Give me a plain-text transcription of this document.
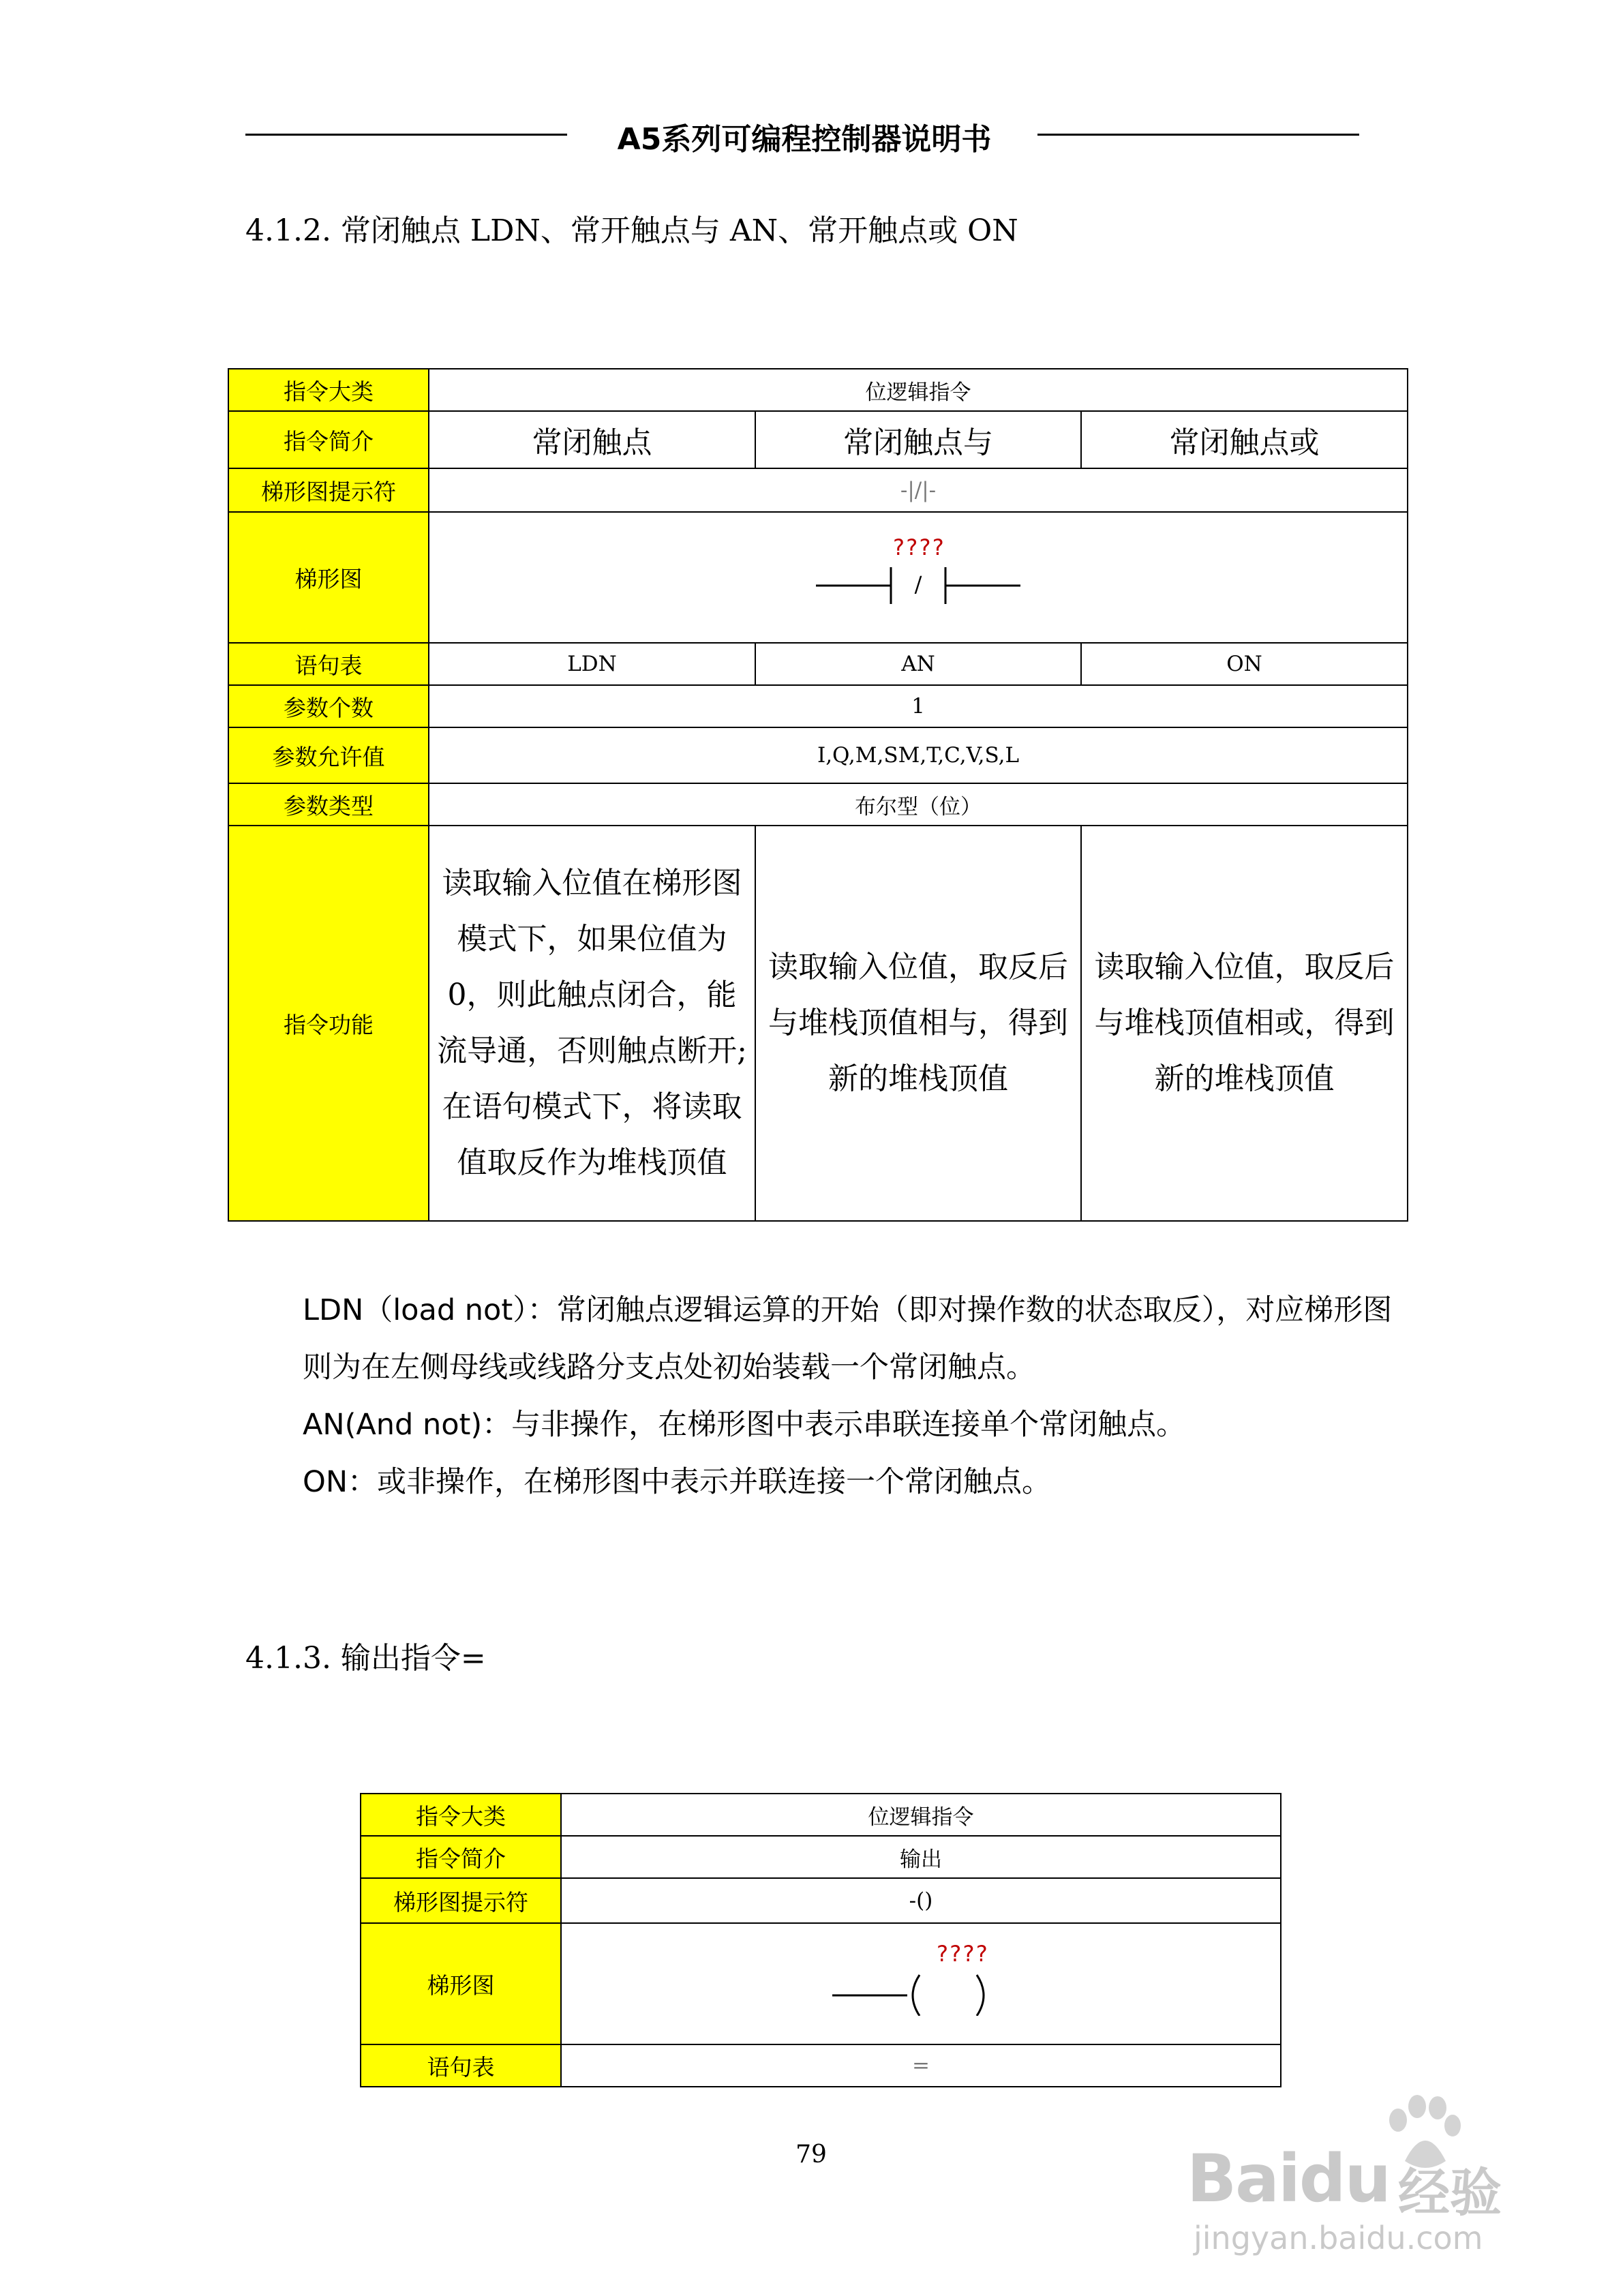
A5系列可编程控制器说明书
4.1.2. 常闭触点 LDN、常开触点与 AN、常开触点或 ON
指令大类	位逻辑指令		
指令简介	常闭触点	常闭触点与	常闭触点或
梯形图提示符	-|/|-		
梯形图	????
/		

语句表	LDN	AN	ON
参数个数	1		
参数允许值	I,Q,M,SM,T,C,V,S,L		
参数类型	布尔型（位）		
指令功能	读取输入位值在梯形图模式下，如果位值为0，则此触点闭合，能流导通，否则触点断开;在语句模式下，将读取值取反作为堆栈顶值	读取输入位值，取反后与堆栈顶值相与，得到新的堆栈顶值	读取输入位值，取反后与堆栈顶值相或，得到新的堆栈顶值
LDN（load not）：常闭触点逻辑运算的开始（即对操作数的状态取反），对应梯形图则为在左侧母线或线路分支点处初始装载一个常闭触点。
AN(And not)：与非操作，在梯形图中表示串联连接单个常闭触点。
ON：或非操作，在梯形图中表示并联连接一个常闭触点。
4.1.3. 输出指令=
指令大类	位逻辑指令
指令简介	输出
梯形图提示符	-()
梯形图	????

语句表	=
79	Baidu 经验
jingyan.baidu.com
